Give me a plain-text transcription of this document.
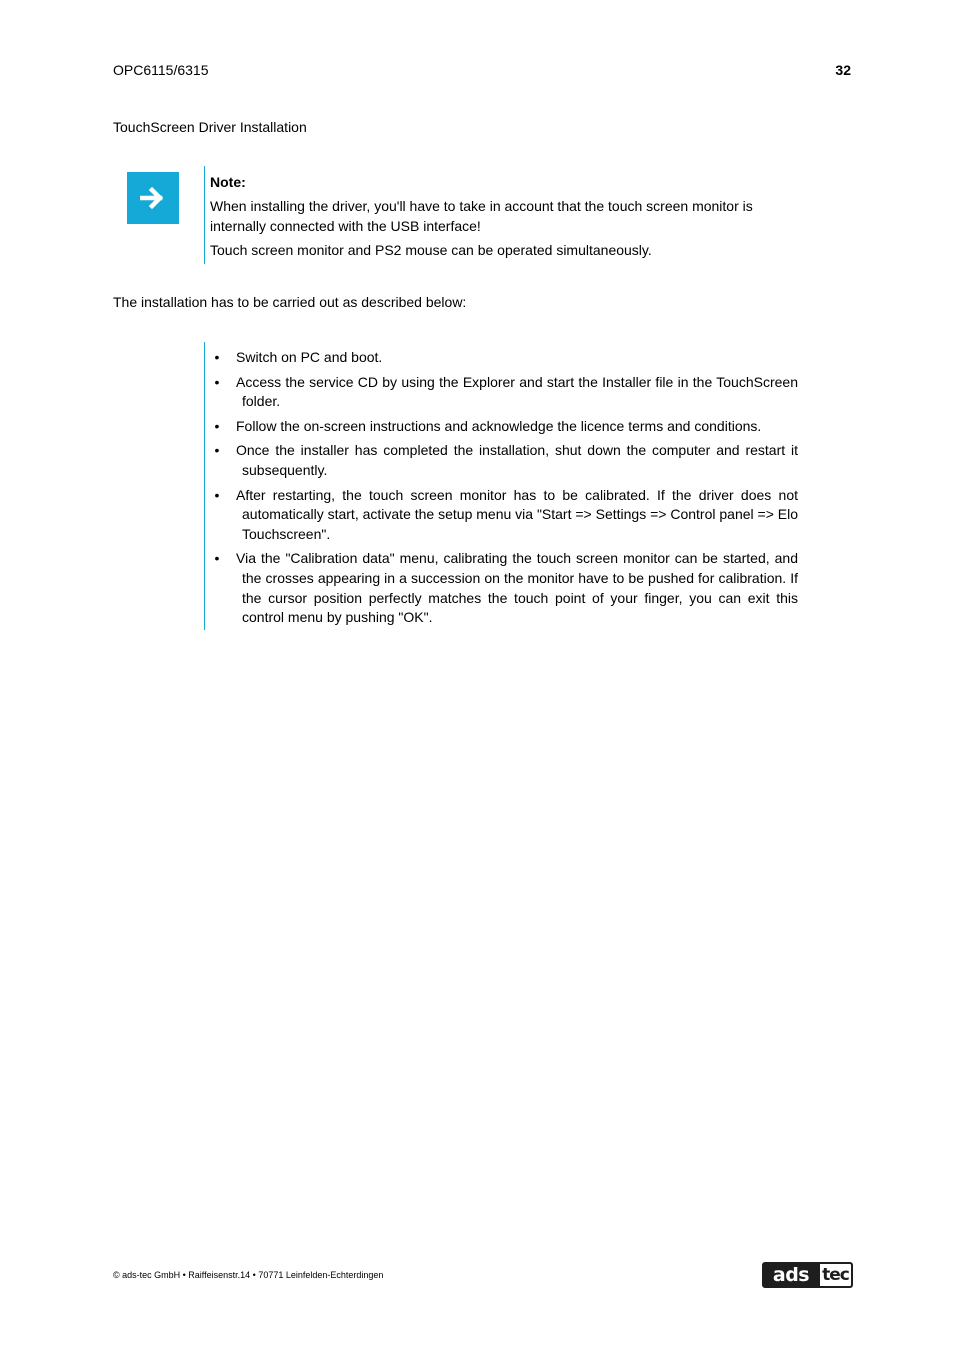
OPC6115/6315	32
TouchScreen Driver Installation
Note:

When installing the driver, you'll have to take in account that the touch screen monitor is internally connected with the USB interface!

Touch screen monitor and PS2 mouse can be operated simultaneously.

The installation has to be carried out as described below:
•	Switch on PC and boot.
•	Access the service CD by using the Explorer and start the Installer file in the TouchScreen folder.
•	Follow the on-screen instructions and acknowledge the licence terms and conditions.
•	Once the installer has completed the installation, shut down the computer and restart it subsequently.
•	After restarting, the touch screen monitor has to be calibrated. If the driver does not automatically start, activate the setup menu via "Start => Settings => Control panel => Elo Touchscreen".
•	Via the "Calibration data" menu, calibrating the touch screen monitor can be started, and the crosses appearing in a succession on the monitor have to be pushed for calibration. If the cursor position perfectly matches the touch point of your finger, you can exit this control menu by pushing "OK".
© ads-tec GmbH • Raiffeisenstr.14 • 70771 Leinfelden-Echterdingen	ads tec
